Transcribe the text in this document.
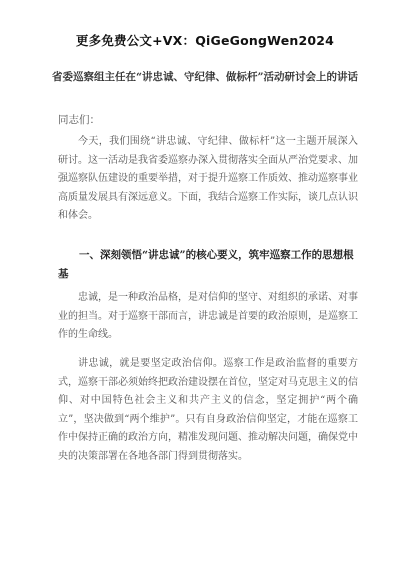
更多免费公文+VX：QiGeGongWen2024
省委巡察组主任在“讲忠诚、守纪律、做标杆”活动研讨会上的讲话
同志们：

今天，我们围绕“讲忠诚、守纪律、做标杆”这一主题开展深入研讨。这一活动是我省委巡察办深入贯彻落实全面从严治党要求、加强巡察队伍建设的重要举措，对于提升巡察工作质效、推动巡察事业高质量发展具有深远意义。下面，我结合巡察工作实际，谈几点认识和体会。

一、深刻领悟“讲忠诚”的核心要义，筑牢巡察工作的思想根基

忠诚，是一种政治品格，是对信仰的坚守、对组织的承诺、对事业的担当。对于巡察干部而言，讲忠诚是首要的政治原则，是巡察工作的生命线。

讲忠诚，就是要坚定政治信仰。巡察工作是政治监督的重要方式，巡察干部必须始终把政治建设摆在首位，坚定对马克思主义的信仰、对中国特色社会主义和共产主义的信念，坚定拥护“两个确立”，坚决做到“两个维护”。只有自身政治信仰坚定，才能在巡察工作中保持正确的政治方向，精准发现问题、推动解决问题，确保党中央的决策部署在各地各部门得到贯彻落实。
